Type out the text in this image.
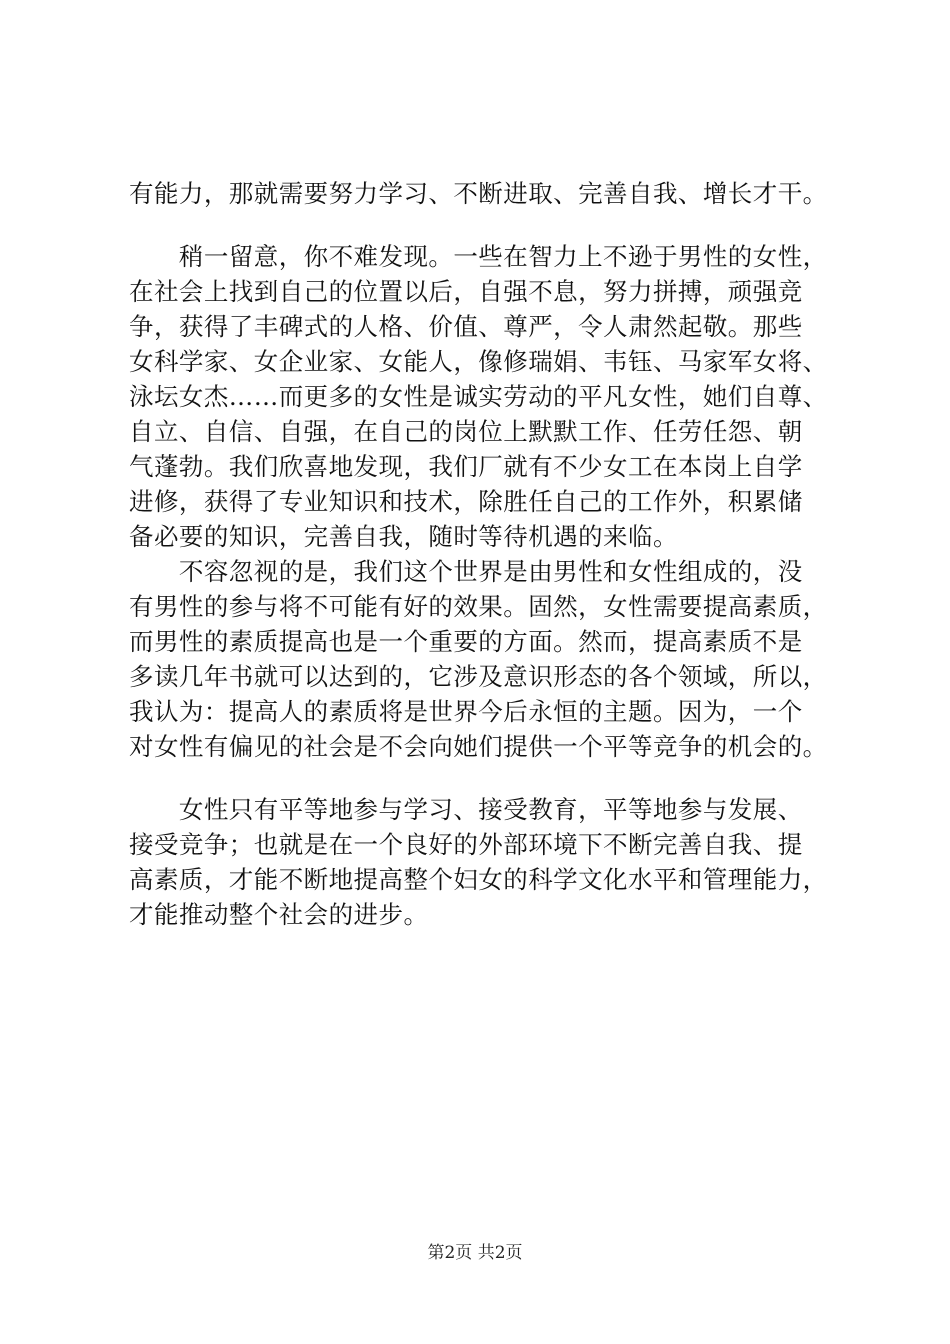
有能力，那就需要努力学习、不断进取、完善自我、增长才干。
　　稍一留意，你不难发现。一些在智力上不逊于男性的女性，
在社会上找到自己的位置以后，自强不息，努力拼搏，顽强竞
争，获得了丰碑式的人格、价值、尊严，令人肃然起敬。那些
女科学家、女企业家、女能人，像修瑞娟、韦钰、马家军女将、
泳坛女杰……而更多的女性是诚实劳动的平凡女性，她们自尊、
自立、自信、自强，在自己的岗位上默默工作、任劳任怨、朝
气蓬勃。我们欣喜地发现，我们厂就有不少女工在本岗上自学
进修，获得了专业知识和技术，除胜任自己的工作外，积累储
备必要的知识，完善自我，随时等待机遇的来临。
　　不容忽视的是，我们这个世界是由男性和女性组成的，没
有男性的参与将不可能有好的效果。固然，女性需要提高素质，
而男性的素质提高也是一个重要的方面。然而，提高素质不是
多读几年书就可以达到的，它涉及意识形态的各个领域，所以，
我认为：提高人的素质将是世界今后永恒的主题。因为，一个
对女性有偏见的社会是不会向她们提供一个平等竞争的机会的。
　　女性只有平等地参与学习、接受教育，平等地参与发展、
接受竞争；也就是在一个良好的外部环境下不断完善自我、提
高素质，才能不断地提高整个妇女的科学文化水平和管理能力，
才能推动整个社会的进步。
第2页 共2页
